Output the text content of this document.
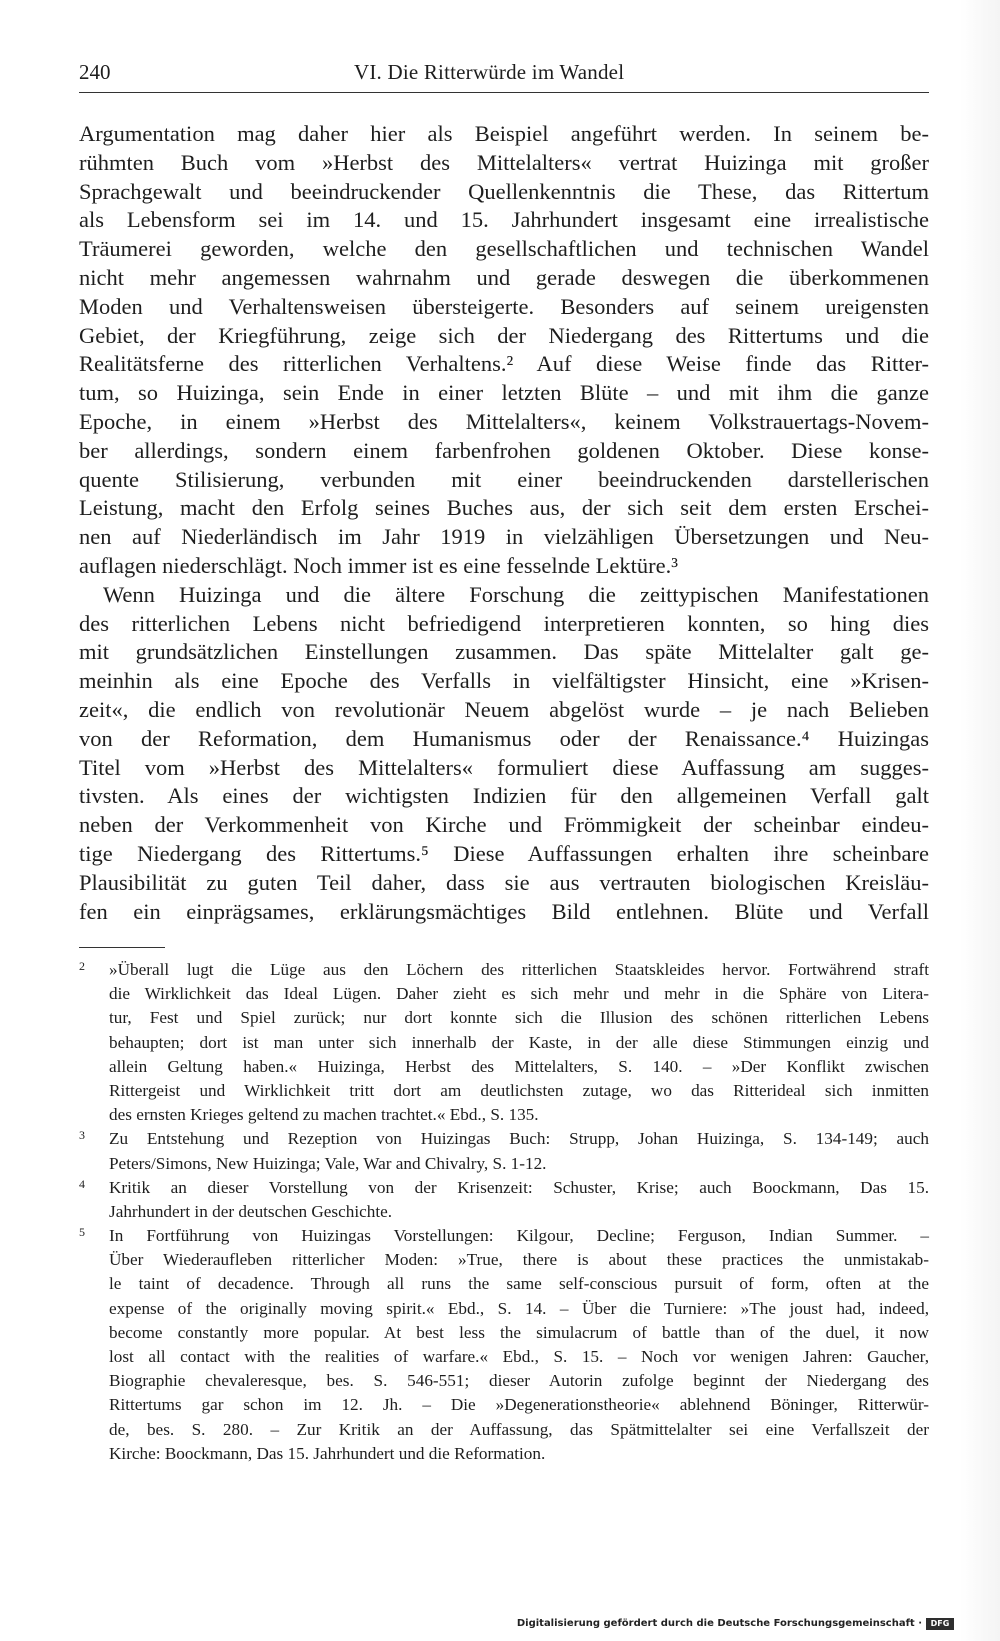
240	VI. Die Ritterwürde im Wandel
Argumentation mag daher hier als Beispiel angeführt werden. In seinem be-
rühmten Buch vom »Herbst des Mittelalters« vertrat Huizinga mit großer
Sprachgewalt und beeindruckender Quellenkenntnis die These, das Rittertum
als Lebensform sei im 14. und 15. Jahrhundert insgesamt eine irrealistische
Träumerei geworden, welche den gesellschaftlichen und technischen Wandel
nicht mehr angemessen wahrnahm und gerade deswegen die überkommenen
Moden und Verhaltensweisen übersteigerte. Besonders auf seinem ureigensten
Gebiet, der Kriegführung, zeige sich der Niedergang des Rittertums und die
Realitätsferne des ritterlichen Verhaltens.² Auf diese Weise finde das Ritter-
tum, so Huizinga, sein Ende in einer letzten Blüte – und mit ihm die ganze
Epoche, in einem »Herbst des Mittelalters«, keinem Volkstrauertags-Novem-
ber allerdings, sondern einem farbenfrohen goldenen Oktober. Diese konse-
quente Stilisierung, verbunden mit einer beeindruckenden darstellerischen
Leistung, macht den Erfolg seines Buches aus, der sich seit dem ersten Erschei-
nen auf Niederländisch im Jahr 1919 in vielzähligen Übersetzungen und Neu-
auflagen niederschlägt. Noch immer ist es eine fesselnde Lektüre.³
Wenn Huizinga und die ältere Forschung die zeittypischen Manifestationen
des ritterlichen Lebens nicht befriedigend interpretieren konnten, so hing dies
mit grundsätzlichen Einstellungen zusammen. Das späte Mittelalter galt ge-
meinhin als eine Epoche des Verfalls in vielfältigster Hinsicht, eine »Krisen-
zeit«, die endlich von revolutionär Neuem abgelöst wurde – je nach Belieben
von der Reformation, dem Humanismus oder der Renaissance.⁴ Huizingas
Titel vom »Herbst des Mittelalters« formuliert diese Auffassung am sugges-
tivsten. Als eines der wichtigsten Indizien für den allgemeinen Verfall galt
neben der Verkommenheit von Kirche und Frömmigkeit der scheinbar eindeu-
tige Niedergang des Rittertums.⁵ Diese Auffassungen erhalten ihre scheinbare
Plausibilität zu guten Teil daher, dass sie aus vertrauten biologischen Kreisläu-
fen ein einprägsames, erklärungsmächtiges Bild entlehnen. Blüte und Verfall
2 »Überall lugt die Lüge aus den Löchern des ritterlichen Staatskleides hervor. Fortwährend straft
die Wirklichkeit das Ideal Lügen. Daher zieht es sich mehr und mehr in die Sphäre von Litera-
tur, Fest und Spiel zurück; nur dort konnte sich die Illusion des schönen ritterlichen Lebens
behaupten; dort ist man unter sich innerhalb der Kaste, in der alle diese Stimmungen einzig und
allein Geltung haben.« Huizinga, Herbst des Mittelalters, S. 140. – »Der Konflikt zwischen
Rittergeist und Wirklichkeit tritt dort am deutlichsten zutage, wo das Ritterideal sich inmitten
des ernsten Krieges geltend zu machen trachtet.« Ebd., S. 135.
3 Zu Entstehung und Rezeption von Huizingas Buch: Strupp, Johan Huizinga, S. 134-149; auch
Peters/Simons, New Huizinga; Vale, War and Chivalry, S. 1-12.
4 Kritik an dieser Vorstellung von der Krisenzeit: Schuster, Krise; auch Boockmann, Das 15.
Jahrhundert in der deutschen Geschichte.
5 In Fortführung von Huizingas Vorstellungen: Kilgour, Decline; Ferguson, Indian Summer. –
Über Wiederaufleben ritterlicher Moden: »True, there is about these practices the unmistakab-
le taint of decadence. Through all runs the same self-conscious pursuit of form, often at the
expense of the originally moving spirit.« Ebd., S. 14. – Über die Turniere: »The joust had, indeed,
become constantly more popular. At best less the simulacrum of battle than of the duel, it now
lost all contact with the realities of warfare.« Ebd., S. 15. – Noch vor wenigen Jahren: Gaucher,
Biographie chevaleresque, bes. S. 546-551; dieser Autorin zufolge beginnt der Niedergang des
Rittertums gar schon im 12. Jh. – Die »Degenerationstheorie« ablehnend Böninger, Ritterwür-
de, bes. S. 280. – Zur Kritik an der Auffassung, das Spätmittelalter sei eine Verfallszeit der
Kirche: Boockmann, Das 15. Jahrhundert und die Reformation.
Digitalisierung gefördert durch die Deutsche Forschungsgemeinschaft ·	DFG
